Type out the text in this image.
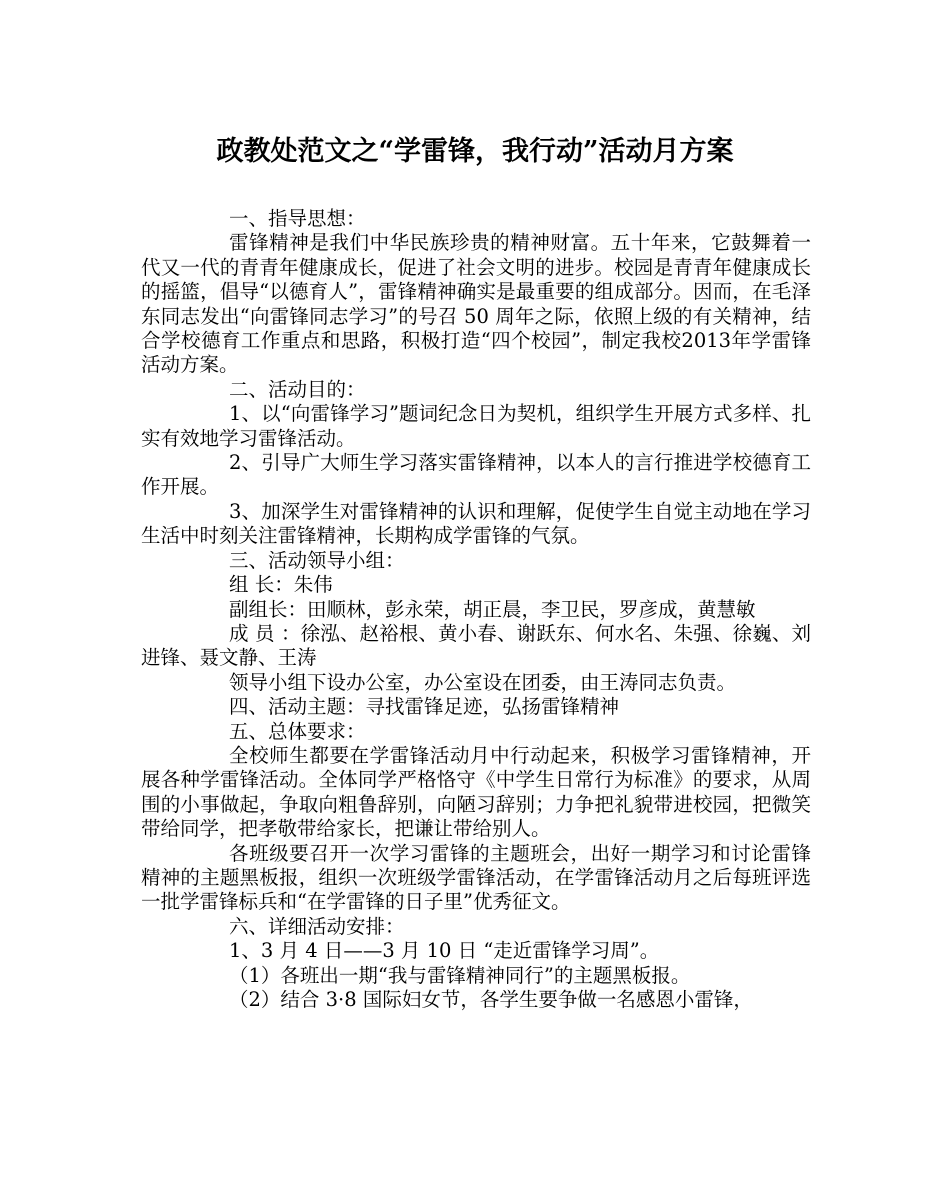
政教处范文之“学雷锋，我行动”活动月方案

一、指导思想：

雷锋精神是我们中华民族珍贵的精神财富。五十年来，它鼓舞着一代又一代的青青年健康成长，促进了社会文明的进步。校园是青青年健康成长的摇篮，倡导“以德育人”，雷锋精神确实是最重要的组成部分。因而，在毛泽东同志发出“向雷锋同志学习”的号召 50 周年之际，依照上级的有关精神，结合学校德育工作重点和思路，积极打造“四个校园”，制定我校2013年学雷锋活动方案。

二、活动目的：

1、以“向雷锋学习”题词纪念日为契机，组织学生开展方式多样、扎实有效地学习雷锋活动。

2、引导广大师生学习落实雷锋精神，以本人的言行推进学校德育工作开展。

3、加深学生对雷锋精神的认识和理解，促使学生自觉主动地在学习生活中时刻关注雷锋精神，长期构成学雷锋的气氛。

三、活动领导小组：

组 长：朱伟

副组长：田顺林，彭永荣，胡正晨，李卫民，罗彦成，黄慧敏

成 员 ：徐泓、赵裕根、黄小春、谢跃东、何水名、朱强、徐巍、刘进锋、聂文静、王涛

领导小组下设办公室，办公室设在团委，由王涛同志负责。

四、活动主题：寻找雷锋足迹，弘扬雷锋精神

五、总体要求：

全校师生都要在学雷锋活动月中行动起来，积极学习雷锋精神，开展各种学雷锋活动。全体同学严格恪守《中学生日常行为标准》的要求，从周围的小事做起，争取向粗鲁辞别，向陋习辞别；力争把礼貌带进校园，把微笑带给同学，把孝敬带给家长，把谦让带给别人。

各班级要召开一次学习雷锋的主题班会，出好一期学习和讨论雷锋精神的主题黑板报，组织一次班级学雷锋活动，在学雷锋活动月之后每班评选一批学雷锋标兵和“在学雷锋的日子里”优秀征文。

六、详细活动安排：

1、3 月 4 日——3 月 10 日 “走近雷锋学习周”。

（1）各班出一期“我与雷锋精神同行”的主题黑板报。

（2）结合 3·8 国际妇女节，各学生要争做一名感恩小雷锋，
